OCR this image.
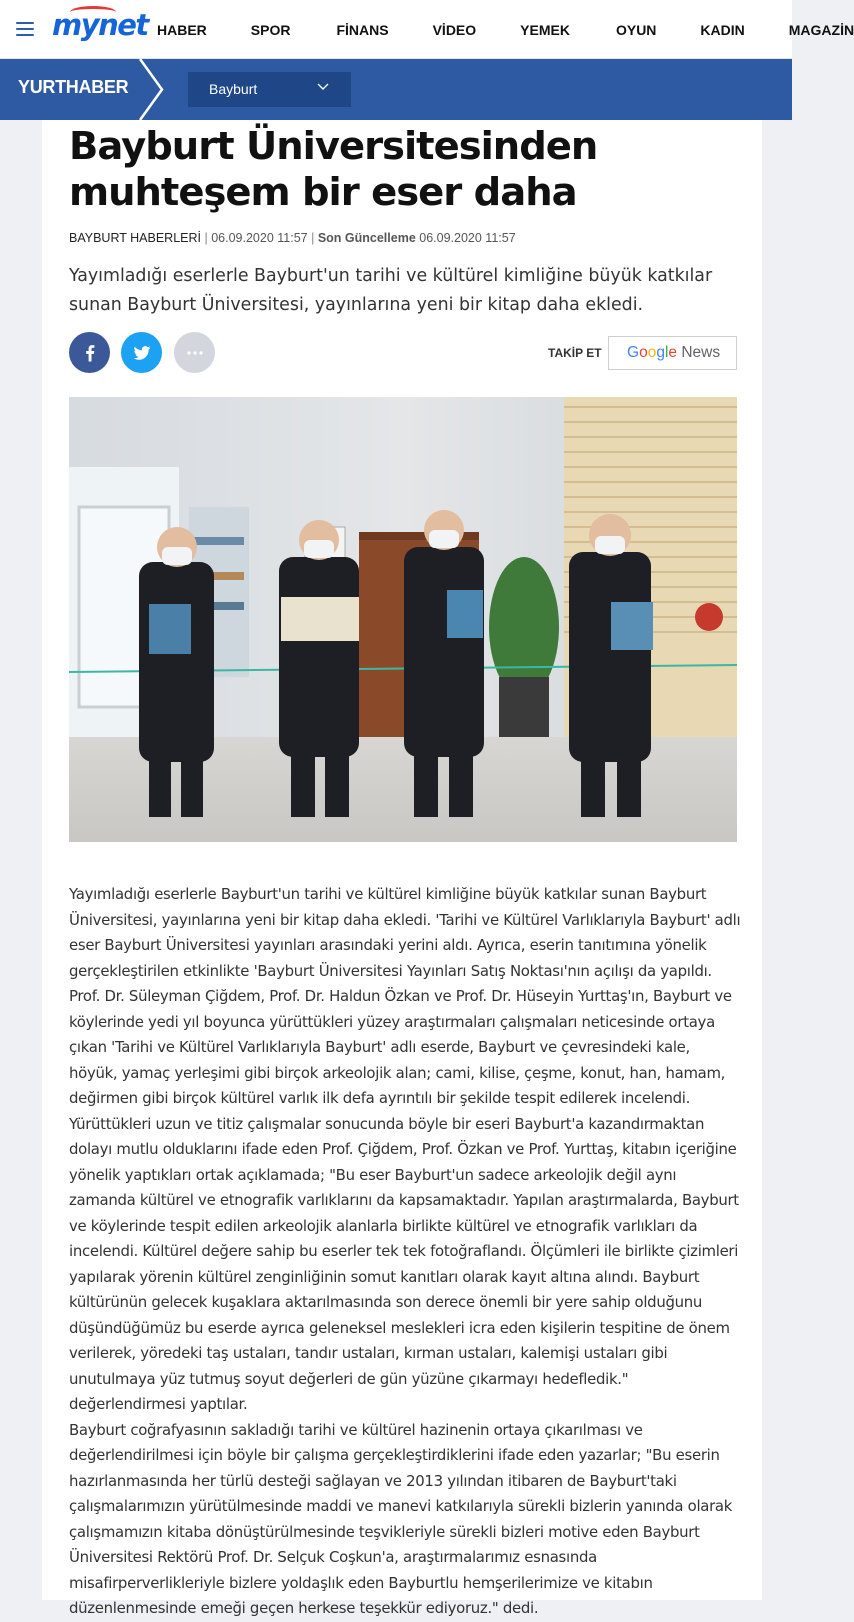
mynet HABER	SPOR	FİNANS	VİDEO	YEMEK	OYUN	KADIN	MAGAZİN
YURTHABER	Bayburt
Bayburt Üniversitesinden muhteşem bir eser daha
BAYBURT HABERLERİ | 06.09.2020 11:57 | Son Güncelleme 06.09.2020 11:57

Yayımladığı eserlerle Bayburt'un tarihi ve kültürel kimliğine büyük katkılar sunan Bayburt Üniversitesi, yayınlarına yeni bir kitap daha ekledi.

TAKİP ET	Google News

Yayımladığı eserlerle Bayburt'un tarihi ve kültürel kimliğine büyük katkılar sunan Bayburt Üniversitesi, yayınlarına yeni bir kitap daha ekledi. 'Tarihi ve Kültürel Varlıklarıyla Bayburt' adlı eser Bayburt Üniversitesi yayınları arasındaki yerini aldı. Ayrıca, eserin tanıtımına yönelik gerçekleştirilen etkinlikte 'Bayburt Üniversitesi Yayınları Satış Noktası'nın açılışı da yapıldı. Prof. Dr. Süleyman Çiğdem, Prof. Dr. Haldun Özkan ve Prof. Dr. Hüseyin Yurttaş'ın, Bayburt ve köylerinde yedi yıl boyunca yürüttükleri yüzey araştırmaları çalışmaları neticesinde ortaya çıkan 'Tarihi ve Kültürel Varlıklarıyla Bayburt' adlı eserde, Bayburt ve çevresindeki kale, höyük, yamaç yerleşimi gibi birçok arkeolojik alan; cami, kilise, çeşme, konut, han, hamam, değirmen gibi birçok kültürel varlık ilk defa ayrıntılı bir şekilde tespit edilerek incelendi.

Yürüttükleri uzun ve titiz çalışmalar sonucunda böyle bir eseri Bayburt'a kazandırmaktan dolayı mutlu olduklarını ifade eden Prof. Çiğdem, Prof. Özkan ve Prof. Yurttaş, kitabın içeriğine yönelik yaptıkları ortak açıklamada; "Bu eser Bayburt'un sadece arkeolojik değil aynı zamanda kültürel ve etnografik varlıklarını da kapsamaktadır. Yapılan araştırmalarda, Bayburt ve köylerinde tespit edilen arkeolojik alanlarla birlikte kültürel ve etnografik varlıkları da incelendi. Kültürel değere sahip bu eserler tek tek fotoğraflandı. Ölçümleri ile birlikte çizimleri yapılarak yörenin kültürel zenginliğinin somut kanıtları olarak kayıt altına alındı. Bayburt kültürünün gelecek kuşaklara aktarılmasında son derece önemli bir yere sahip olduğunu düşündüğümüz bu eserde ayrıca geleneksel meslekleri icra eden kişilerin tespitine de önem verilerek, yöredeki taş ustaları, tandır ustaları, kırman ustaları, kalemişi ustaları gibi unutulmaya yüz tutmuş soyut değerleri de gün yüzüne çıkarmayı hedefledik." değerlendirmesi yaptılar.

Bayburt coğrafyasının sakladığı tarihi ve kültürel hazinenin ortaya çıkarılması ve değerlendirilmesi için böyle bir çalışma gerçekleştirdiklerini ifade eden yazarlar; "Bu eserin hazırlanmasında her türlü desteği sağlayan ve 2013 yılından itibaren de Bayburt'taki çalışmalarımızın yürütülmesinde maddi ve manevi katkılarıyla sürekli bizlerin yanında olarak çalışmamızın kitaba dönüştürülmesinde teşvikleriyle sürekli bizleri motive eden Bayburt Üniversitesi Rektörü Prof. Dr. Selçuk Coşkun'a, araştırmalarımız esnasında misafirperverlikleriyle bizlere yoldaşlık eden Bayburtlu hemşerilerimize ve kitabın düzenlenmesinde emeği geçen herkese teşekkür ediyoruz." dedi.
